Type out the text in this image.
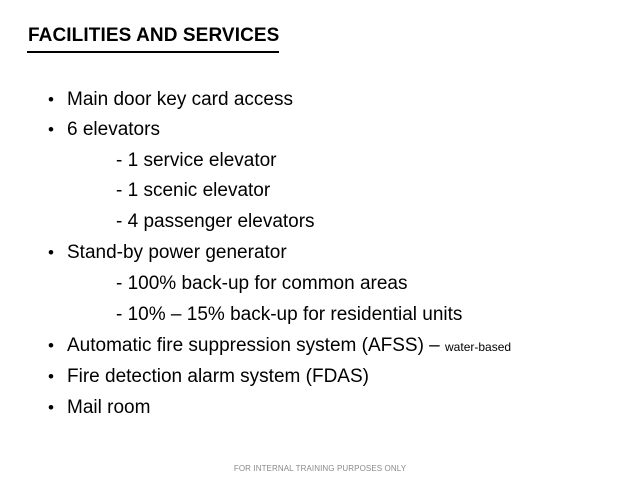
FACILITIES AND SERVICES
• Main door key card access
• 6 elevators
- 1 service elevator
- 1 scenic elevator
- 4 passenger elevators
• Stand-by power generator
- 100% back-up for common areas
- 10% – 15% back-up for residential units
• Automatic fire suppression system (AFSS) – water-based
• Fire detection alarm system (FDAS)
• Mail room
FOR INTERNAL TRAINING PURPOSES ONLY
